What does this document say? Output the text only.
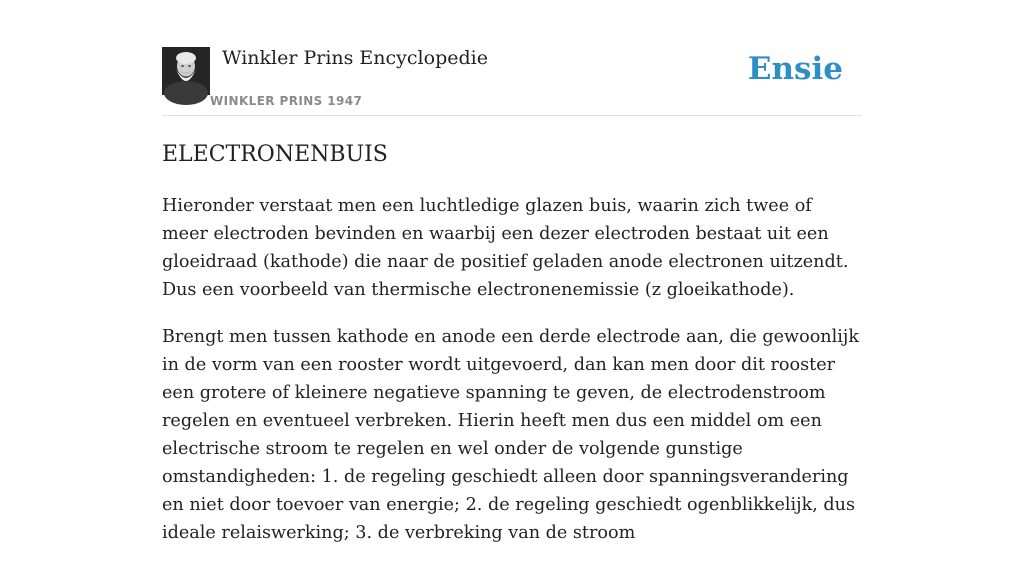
Winkler Prins Encyclopedie
WINKLER PRINS 1947
Ensie
ELECTRONENBUIS

Hieronder verstaat men een luchtledige glazen buis, waarin zich twee of meer electroden bevinden en waarbij een dezer electroden bestaat uit een gloeidraad (kathode) die naar de positief geladen anode electronen uitzendt. Dus een voorbeeld van thermische electronenemissie (z gloeikathode).

Brengt men tussen kathode en anode een derde electrode aan, die gewoonlijk in de vorm van een rooster wordt uitgevoerd, dan kan men door dit rooster een grotere of kleinere negatieve spanning te geven, de electrodenstroom regelen en eventueel verbreken. Hierin heeft men dus een middel om een electrische stroom te regelen en wel onder de volgende gunstige omstandigheden: 1. de regeling geschiedt alleen door spanningsverandering en niet door toevoer van energie; 2. de regeling geschiedt ogenblikkelijk, dus ideale relaiswerking; 3. de verbreking van de stroom
